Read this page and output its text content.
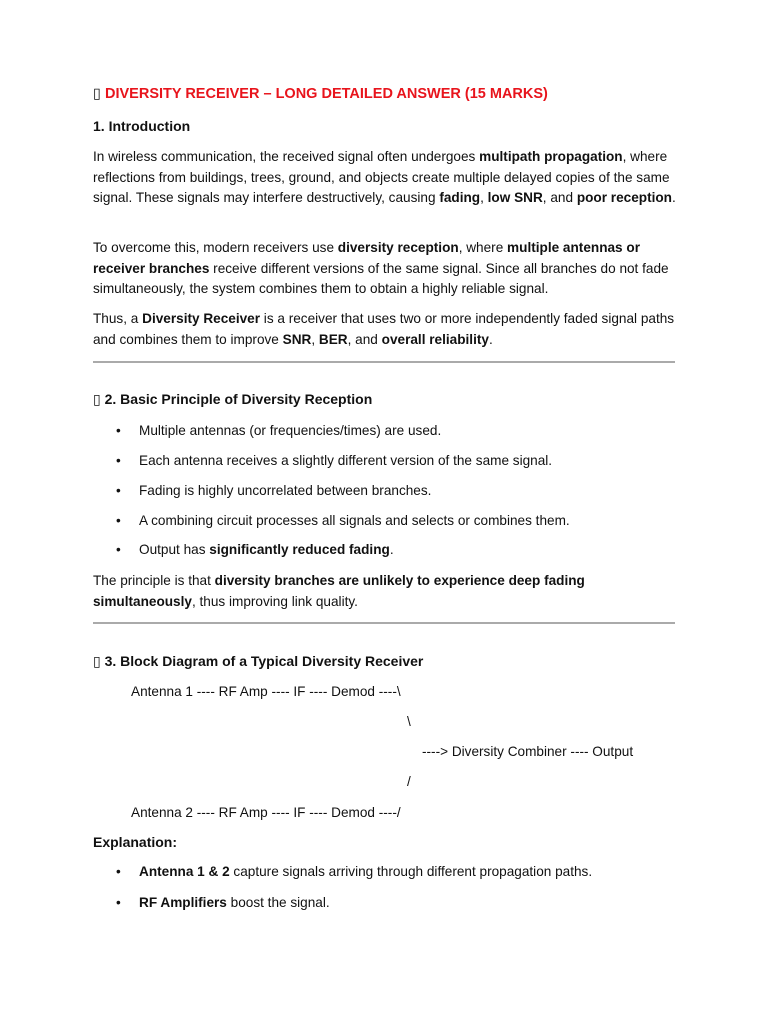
▯ DIVERSITY RECEIVER – LONG DETAILED ANSWER (15 MARKS)
1. Introduction
In wireless communication, the received signal often undergoes multipath propagation, where reflections from buildings, trees, ground, and objects create multiple delayed copies of the same signal. These signals may interfere destructively, causing fading, low SNR, and poor reception.
To overcome this, modern receivers use diversity reception, where multiple antennas or receiver branches receive different versions of the same signal. Since all branches do not fade simultaneously, the system combines them to obtain a highly reliable signal.
Thus, a Diversity Receiver is a receiver that uses two or more independently faded signal paths and combines them to improve SNR, BER, and overall reliability.
▯ 2. Basic Principle of Diversity Reception
• Multiple antennas (or frequencies/times) are used.
• Each antenna receives a slightly different version of the same signal.
• Fading is highly uncorrelated between branches.
• A combining circuit processes all signals and selects or combines them.
• Output has significantly reduced fading.
The principle is that diversity branches are unlikely to experience deep fading simultaneously, thus improving link quality.
▯ 3. Block Diagram of a Typical Diversity Receiver
Antenna 1 ---- RF Amp ---- IF ---- Demod ----\
\
----> Diversity Combiner ---- Output
/
Antenna 2 ---- RF Amp ---- IF ---- Demod ----/
Explanation:
• Antenna 1 & 2 capture signals arriving through different propagation paths.
• RF Amplifiers boost the signal.
